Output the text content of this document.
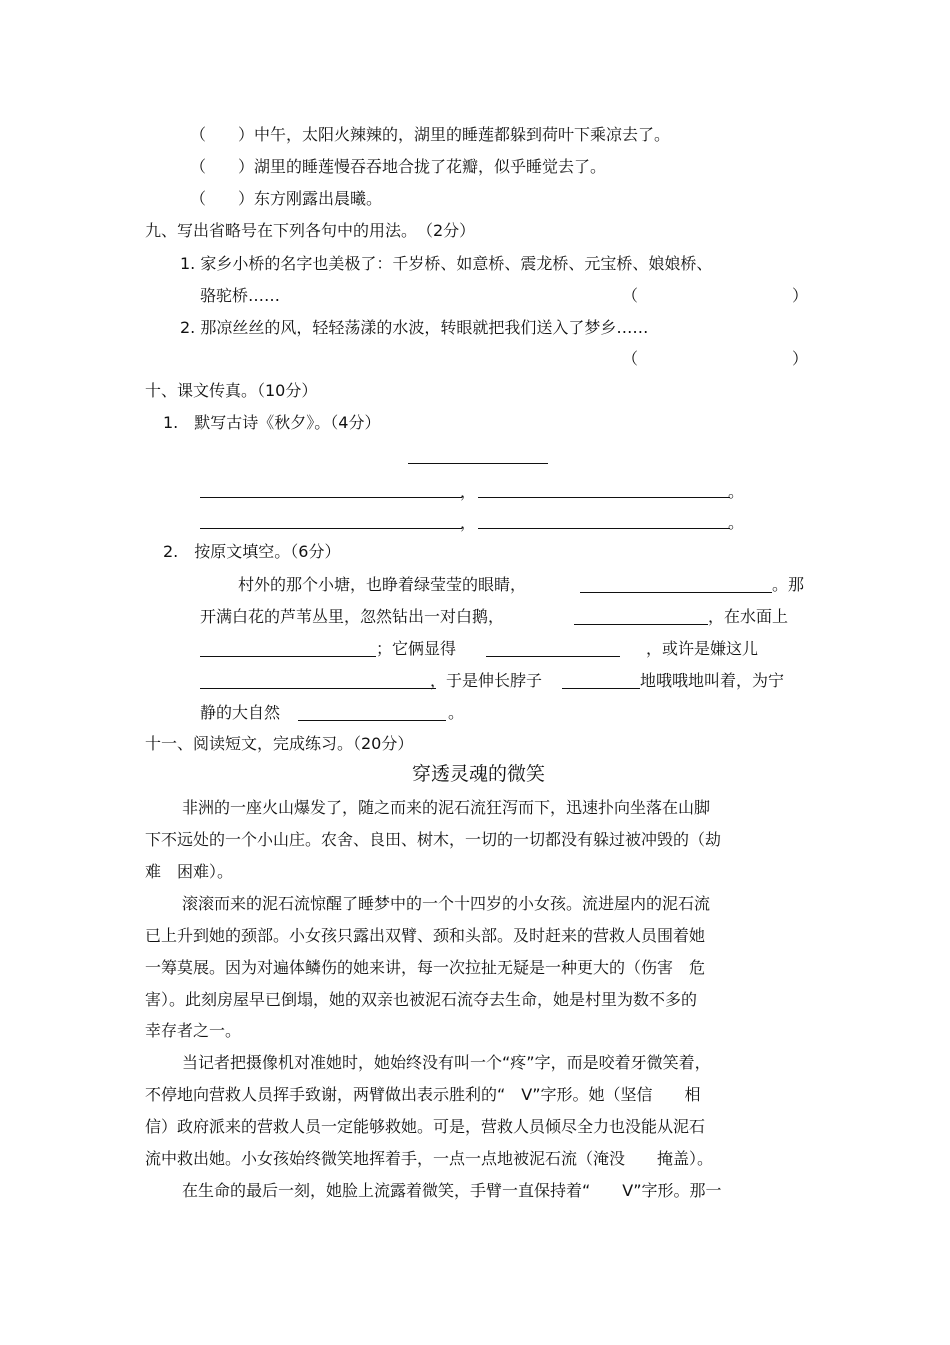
（　　）中午，太阳火辣辣的，湖里的睡莲都躲到荷叶下乘凉去了。
（　　）湖里的睡莲慢吞吞地合拢了花瓣，似乎睡觉去了。
（　　）东方刚露出晨曦。
九、写出省略号在下列各句中的用法。　（2分）
1. 家乡小桥的名字也美极了：千岁桥、如意桥、震龙桥、元宝桥、娘娘桥、
骆驼桥……	（	）
2. 那凉丝丝的风，轻轻荡漾的水波，转眼就把我们送入了梦乡……
（	）
十、课文传真。（10分）
1.　默写古诗《秋夕》。（4分）
，	。
，	。
2.　按原文填空。（6分）
村外的那个小塘，也睁着绿莹莹的眼睛，	。那
开满白花的芦苇丛里，忽然钻出一对白鹅，	，在水面上
；它俩显得	，或许是嫌这儿
，于是伸长脖子	地哦哦地叫着，为宁
静的大自然	。
十一、阅读短文，完成练习。（20分）
穿透灵魂的微笑
非洲的一座火山爆发了，随之而来的泥石流狂泻而下，迅速扑向坐落在山脚
下不远处的一个小山庄。农舍、良田、树木，一切的一切都没有躲过被冲毁的（劫
难　困难）。
滚滚而来的泥石流惊醒了睡梦中的一个十四岁的小女孩。流进屋内的泥石流
已上升到她的颈部。小女孩只露出双臂、颈和头部。及时赶来的营救人员围着她
一筹莫展。因为对遍体鳞伤的她来讲，每一次拉扯无疑是一种更大的（伤害　危
害）。此刻房屋早已倒塌，她的双亲也被泥石流夺去生命，她是村里为数不多的
幸存者之一。
当记者把摄像机对准她时，她始终没有叫一个“疼”字，而是咬着牙微笑着，
不停地向营救人员挥手致谢，两臂做出表示胜利的“　V”字形。她（坚信　　相
信）政府派来的营救人员一定能够救她。可是，营救人员倾尽全力也没能从泥石
流中救出她。小女孩始终微笑地挥着手，一点一点地被泥石流（淹没　　掩盖）。
在生命的最后一刻，她脸上流露着微笑，手臂一直保持着“　　V”字形。那一
